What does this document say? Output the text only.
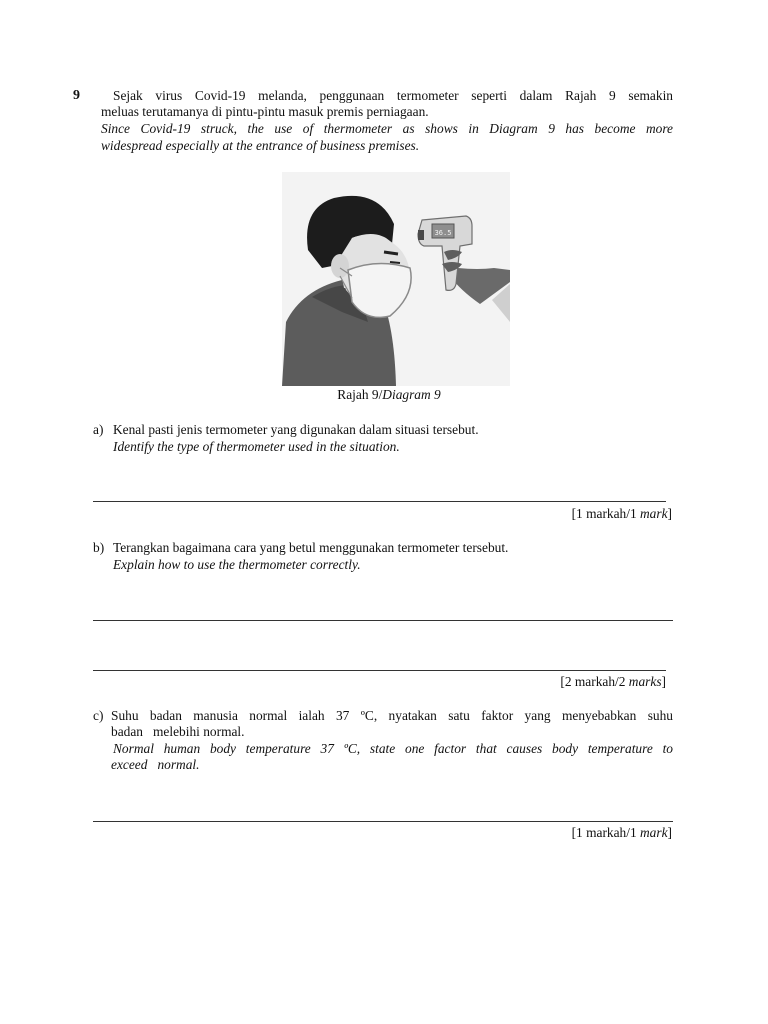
9 Sejak virus Covid-19 melanda, penggunaan termometer seperti dalam Rajah 9 semakin
meluas terutamanya di pintu-pintu masuk premis perniagaan.
Since Covid-19 struck, the use of thermometer as shows in Diagram 9 has become more
widespread especially at the entrance of business premises.
36.5
Rajah 9/Diagram 9
a) Kenal pasti jenis termometer yang digunakan dalam situasi tersebut.
Identify the type of thermometer used in the situation.
[1 markah/1 mark]
b) Terangkan bagaimana cara yang betul menggunakan termometer tersebut.
Explain how to use the thermometer correctly.
[2 markah/2 marks]
c) Suhu badan manusia normal ialah 37 ºC, nyatakan satu faktor yang menyebabkan suhu
badan   melebihi normal.
Normal human body temperature 37 ºC, state one factor that causes body temperature to
exceed   normal.
[1 markah/1 mark]
